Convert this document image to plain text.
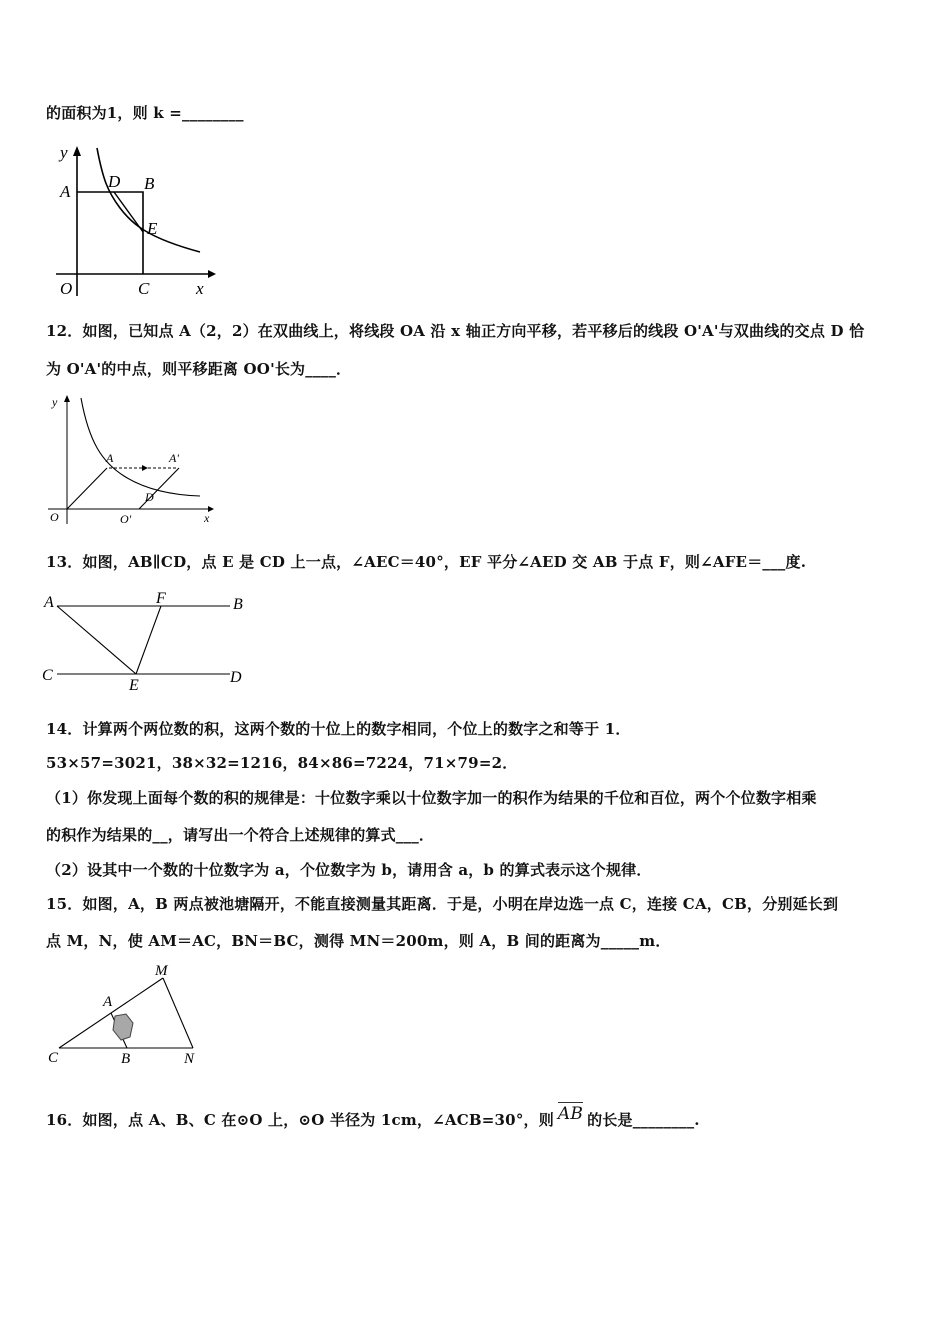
的面积为1，则 k =________
y
A
D B
E
O	C	x
12．如图，已知点 A（2，2）在双曲线上，将线段 OA 沿 x 轴正方向平移，若平移后的线段 O'A'与双曲线的交点 D 恰
为 O'A'的中点，则平移距离 OO'长为____．
y
A	A'
D
O	O'	x
13．如图，AB∥CD，点 E 是 CD 上一点，∠AEC＝40°，EF 平分∠AED 交 AB 于点 F，则∠AFE＝___度.
A	F	B
C
E	D
14．计算两个两位数的积，这两个数的十位上的数字相同，个位上的数字之和等于 1．
53×57=3021，38×32=1216，84×86=7224，71×79=2．
（1）你发现上面每个数的积的规律是：十位数字乘以十位数字加一的积作为结果的千位和百位，两个个位数字相乘
的积作为结果的__，请写出一个符合上述规律的算式___．
（2）设其中一个数的十位数字为 a，个位数字为 b，请用含 a，b 的算式表示这个规律．
15．如图，A，B 两点被池塘隔开，不能直接测量其距离．于是，小明在岸边选一点 C，连接 CA，CB，分别延长到
点 M，N，使 AM＝AC，BN＝BC，测得 MN＝200m，则 A，B 间的距离为_____m．
M
A
C	B	N
16．如图，点 A、B、C 在⊙O 上，⊙O 半径为 1cm，∠ACB=30°，则 AB 的长是________.
